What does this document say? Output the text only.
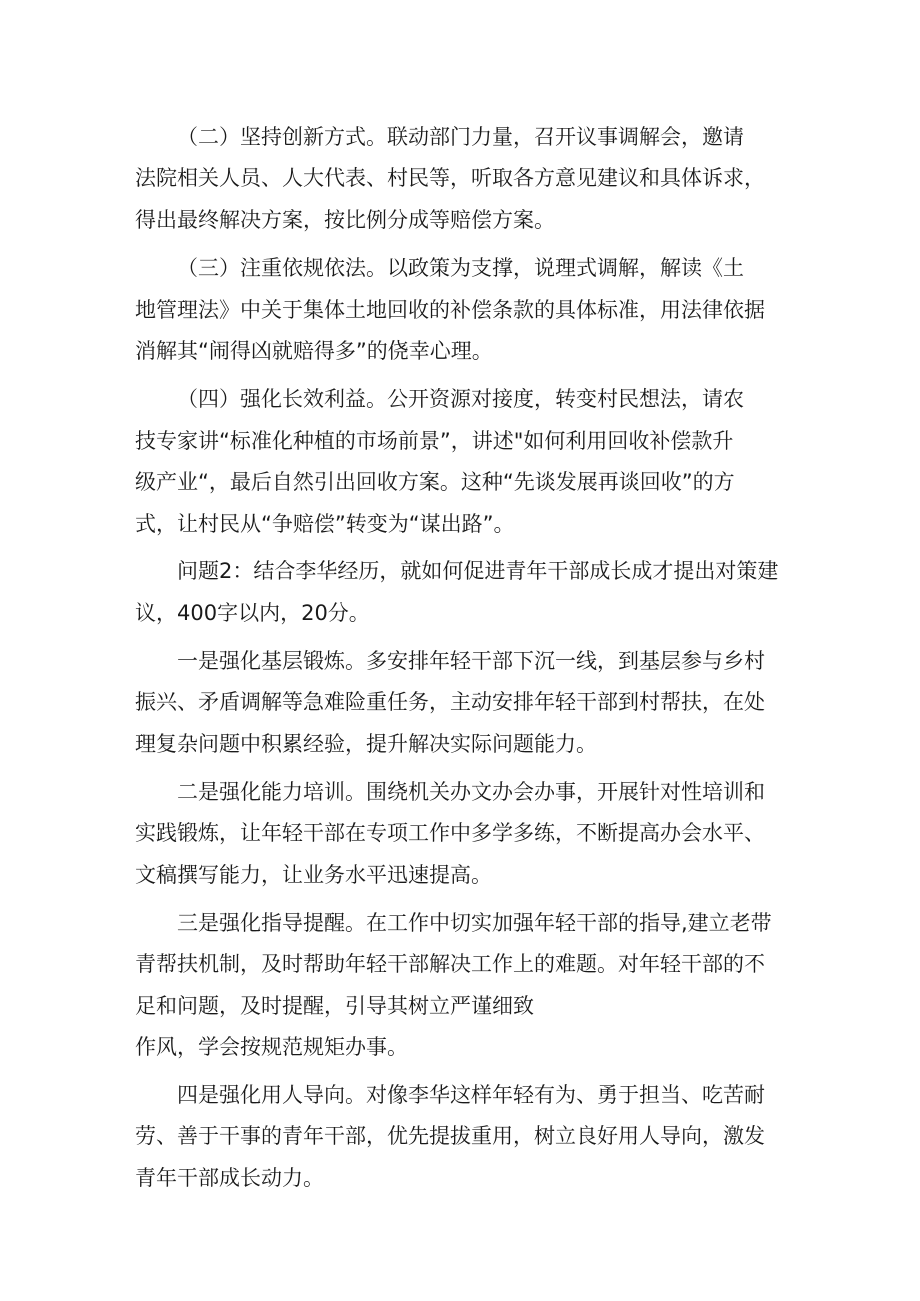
（二）坚持创新方式。联动部门力量，召开议事调解会，邀请
法院相关人员、人大代表、村民等，听取各方意见建议和具体诉求，
得出最终解决方案，按比例分成等赔偿方案。
（三）注重依规依法。以政策为支撑，说理式调解，解读《土
地管理法》中关于集体土地回收的补偿条款的具体标准，用法律依据
消解其“闹得凶就赔得多”的侥幸心理。
（四）强化长效利益。公开资源对接度，转变村民想法，请农
技专家讲“标准化种植的市场前景”，讲述"如何利用回收补偿款升
级产业“，最后自然引出回收方案。这种“先谈发展再谈回收”的方
式，让村民从“争赔偿”转变为“谋出路”。
问题2：结合李华经历，就如何促进青年干部成长成才提出对策建
议，400字以内，20分。
一是强化基层锻炼。多安排年轻干部下沉一线，到基层参与乡村
振兴、矛盾调解等急难险重任务，主动安排年轻干部到村帮扶，在处
理复杂问题中积累经验，提升解决实际问题能力。
二是强化能力培训。围绕机关办文办会办事，开展针对性培训和
实践锻炼，让年轻干部在专项工作中多学多练，不断提高办会水平、
文稿撰写能力，让业务水平迅速提高。
三是强化指导提醒。在工作中切实加强年轻干部的指导,建立老带
青帮扶机制，及时帮助年轻干部解决工作上的难题。对年轻干部的不
足和问题，及时提醒，引导其树立严谨细致
作风，学会按规范规矩办事。
四是强化用人导向。对像李华这样年轻有为、勇于担当、吃苦耐
劳、善于干事的青年干部，优先提拔重用，树立良好用人导向，激发
青年干部成长动力。
